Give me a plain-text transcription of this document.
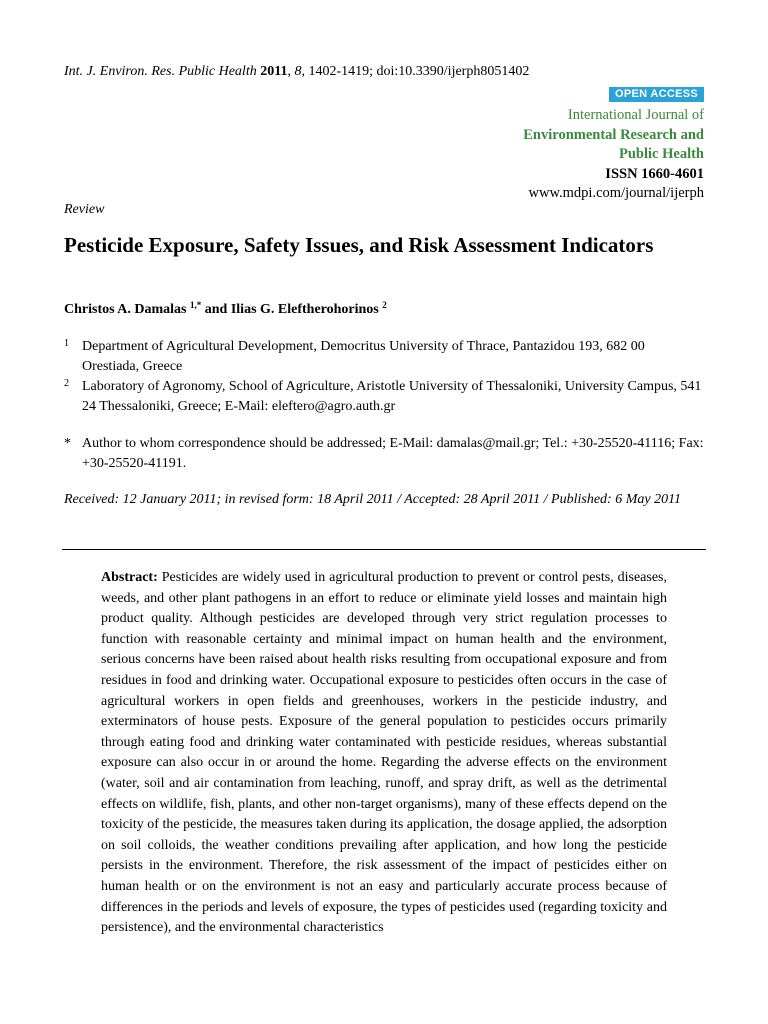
Int. J. Environ. Res. Public Health 2011, 8, 1402-1419; doi:10.3390/ijerph8051402
OPEN ACCESS
International Journal of
Environmental Research and
Public Health
ISSN 1660-4601
www.mdpi.com/journal/ijerph
Review
Pesticide Exposure, Safety Issues, and Risk Assessment Indicators
Christos A. Damalas $^{1,*}$ and Ilias G. Eleftherohorinos $^2$
1 Department of Agricultural Development, Democritus University of Thrace, Pantazidou 193, 682 00 Orestiada, Greece
2 Laboratory of Agronomy, School of Agriculture, Aristotle University of Thessaloniki, University Campus, 541 24 Thessaloniki, Greece; E-Mail: eleftero@agro.auth.gr
* Author to whom correspondence should be addressed; E-Mail: damalas@mail.gr; Tel.: +30-25520-41116; Fax: +30-25520-41191.
Received: 12 January 2011; in revised form: 18 April 2011 / Accepted: 28 April 2011 / Published: 6 May 2011

Abstract: Pesticides are widely used in agricultural production to prevent or control pests, diseases, weeds, and other plant pathogens in an effort to reduce or eliminate yield losses and maintain high product quality. Although pesticides are developed through very strict regulation processes to function with reasonable certainty and minimal impact on human health and the environment, serious concerns have been raised about health risks resulting from occupational exposure and from residues in food and drinking water. Occupational exposure to pesticides often occurs in the case of agricultural workers in open fields and greenhouses, workers in the pesticide industry, and exterminators of house pests. Exposure of the general population to pesticides occurs primarily through eating food and drinking water contaminated with pesticide residues, whereas substantial exposure can also occur in or around the home. Regarding the adverse effects on the environment (water, soil and air contamination from leaching, runoff, and spray drift, as well as the detrimental effects on wildlife, fish, plants, and other non-target organisms), many of these effects depend on the toxicity of the pesticide, the measures taken during its application, the dosage applied, the adsorption on soil colloids, the weather conditions prevailing after application, and how long the pesticide persists in the environment. Therefore, the risk assessment of the impact of pesticides either on human health or on the environment is not an easy and particularly accurate process because of differences in the periods and levels of exposure, the types of pesticides used (regarding toxicity and persistence), and the environmental characteristics
